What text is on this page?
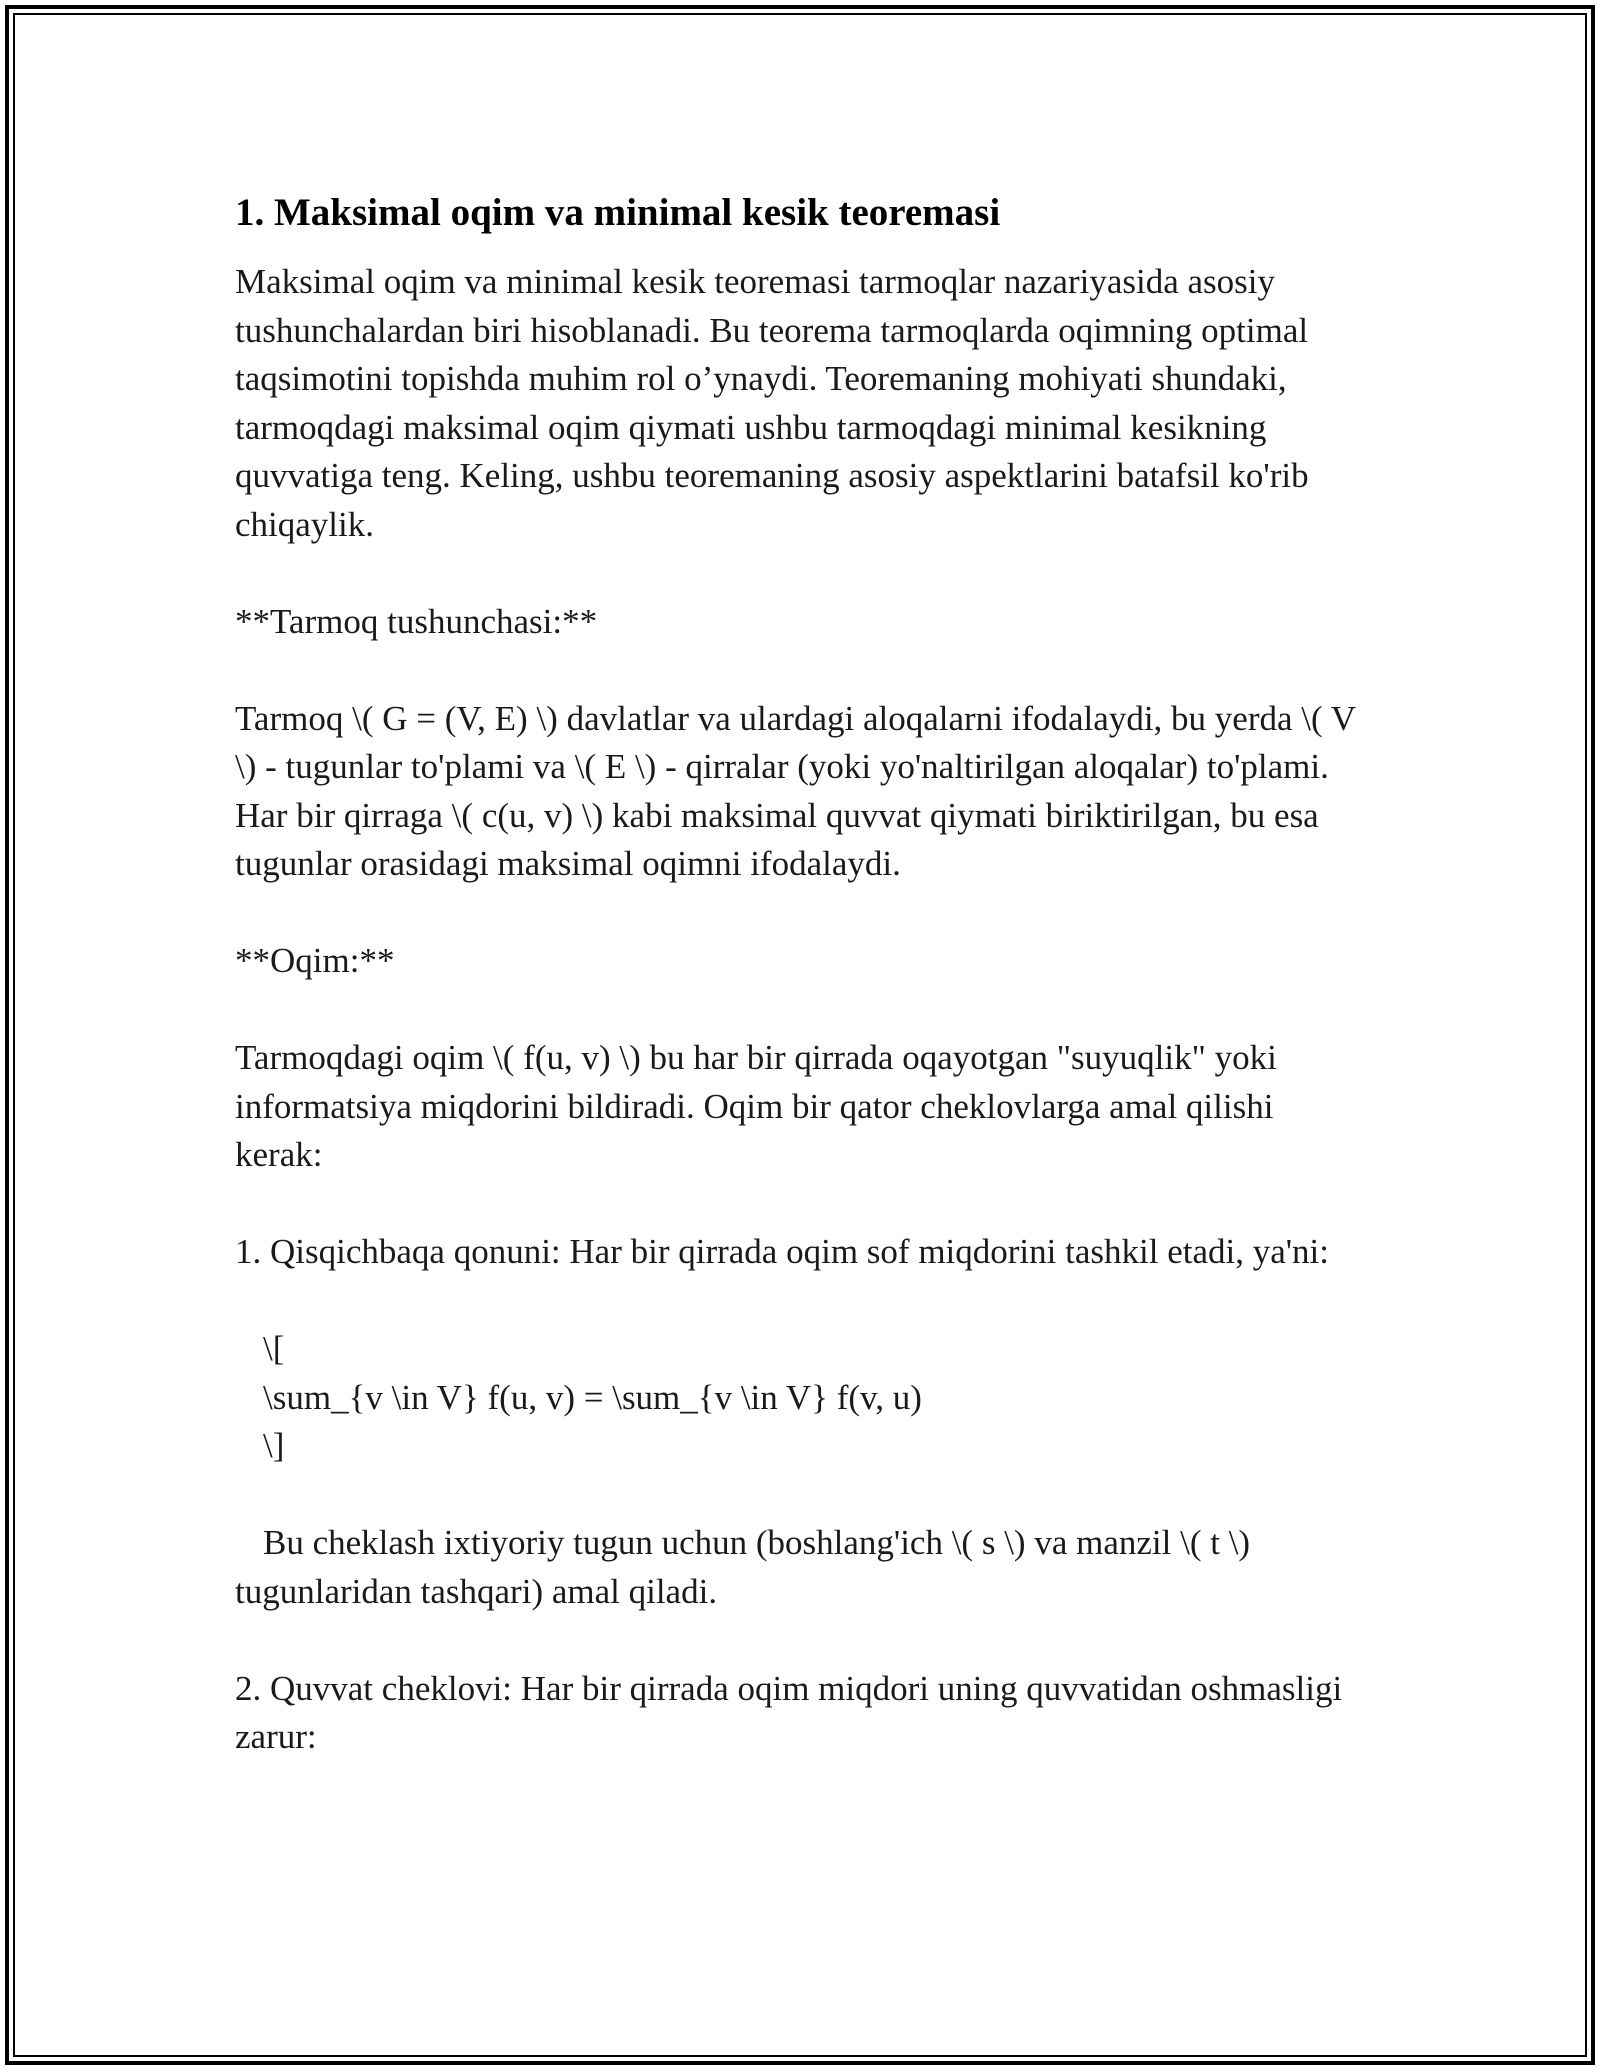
1. Maksimal oqim va minimal kesik teoremasi

Maksimal oqim va minimal kesik teoremasi tarmoqlar nazariyasida asosiy tushunchalardan biri hisoblanadi. Bu teorema tarmoqlarda oqimning optimal taqsimotini topishda muhim rol o’ynaydi. Teoremaning mohiyati shundaki, tarmoqdagi maksimal oqim qiymati ushbu tarmoqdagi minimal kesikning quvvatiga teng. Keling, ushbu teoremaning asosiy aspektlarini batafsil ko'rib chiqaylik.

**Tarmoq tushunchasi:**

Tarmoq \( G = (V, E) \) davlatlar va ulardagi aloqalarni ifodalaydi, bu yerda \( V \) - tugunlar to'plami va \( E \) - qirralar (yoki yo'naltirilgan aloqalar) to'plami. Har bir qirraga \( c(u, v) \) kabi maksimal quvvat qiymati biriktirilgan, bu esa tugunlar orasidagi maksimal oqimni ifodalaydi.

**Oqim:**

Tarmoqdagi oqim \( f(u, v) \) bu har bir qirrada oqayotgan "suyuqlik" yoki informatsiya miqdorini bildiradi. Oqim bir qator cheklovlarga amal qilishi kerak:

1. Qisqichbaqa qonuni: Har bir qirrada oqim sof miqdorini tashkil etadi, ya'ni:

\[

\sum_{v \in V} f(u, v) = \sum_{v \in V} f(v, u)

\]

Bu cheklash ixtiyoriy tugun uchun (boshlang'ich \( s \) va manzil \( t \)

tugunlaridan tashqari) amal qiladi.

2. Quvvat cheklovi: Har bir qirrada oqim miqdori uning quvvatidan oshmasligi zarur:
